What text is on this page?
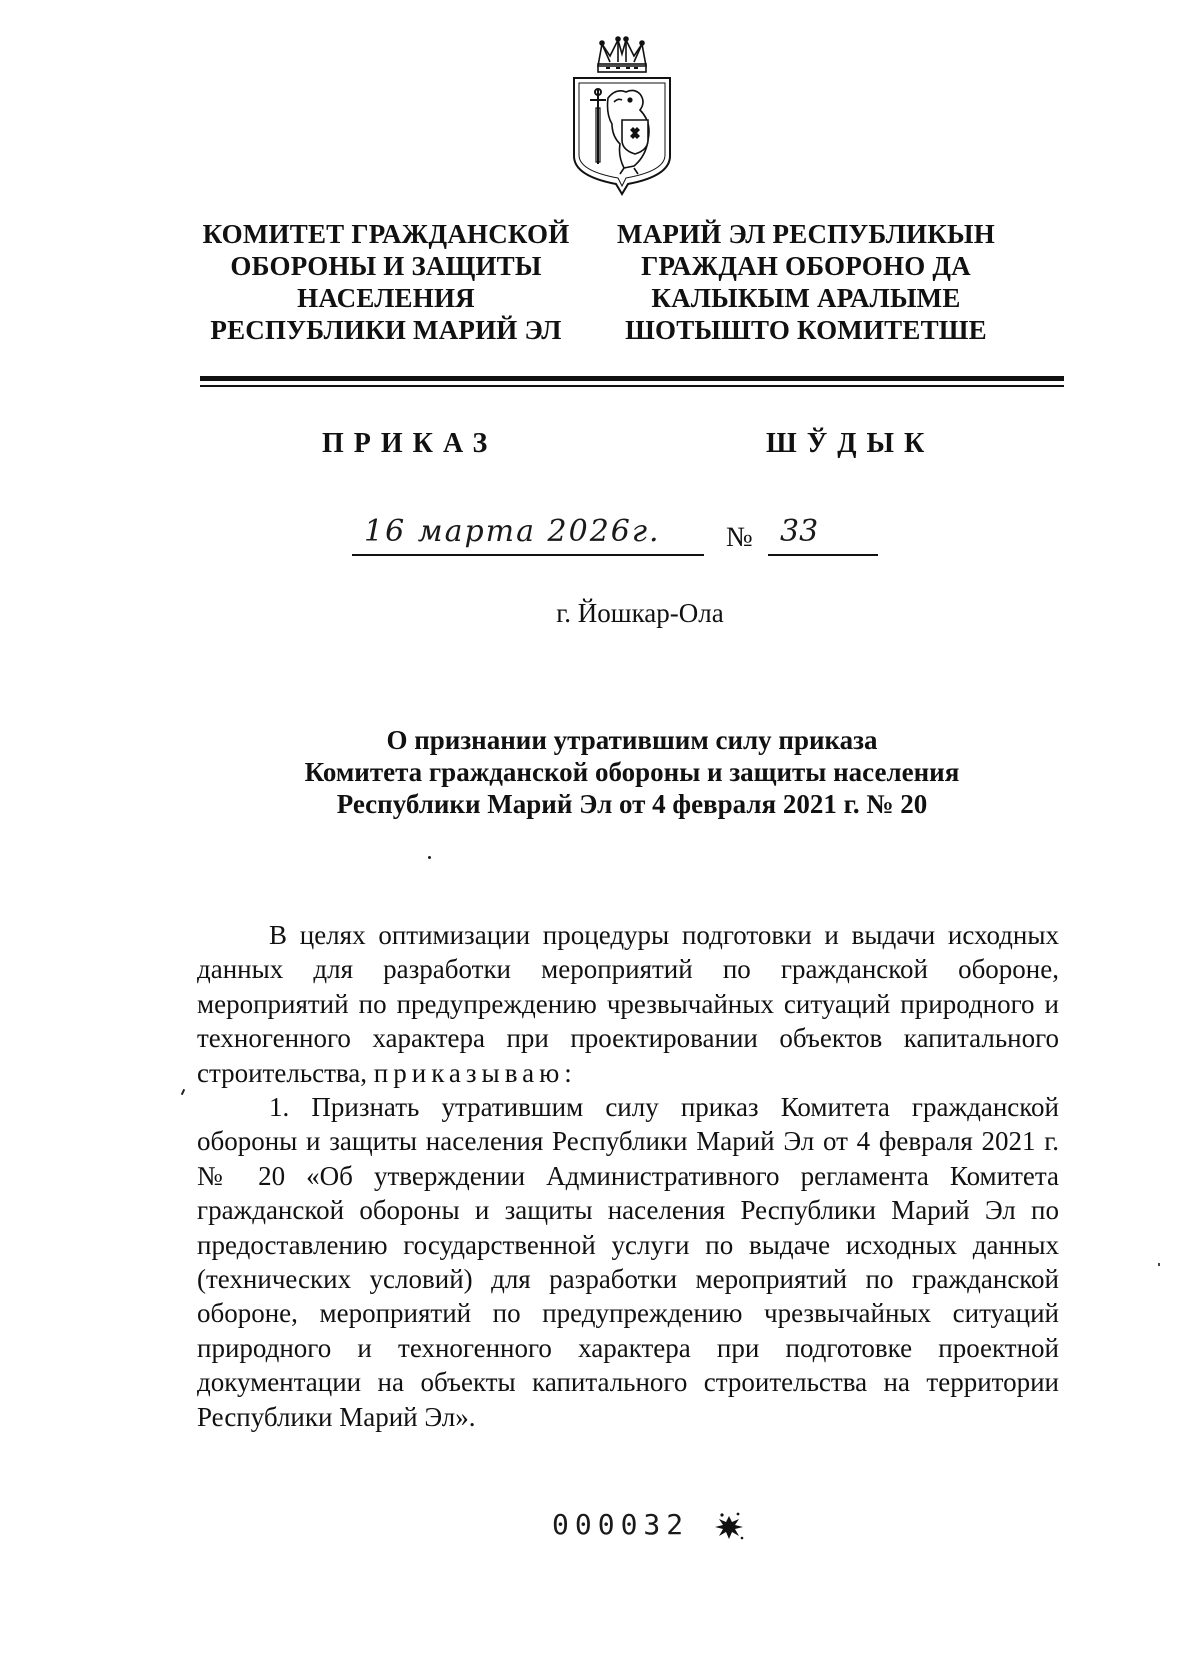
КОМИТЕТ ГРАЖДАНСКОЙ
ОБОРОНЫ И ЗАЩИТЫ
НАСЕЛЕНИЯ
РЕСПУБЛИКИ МАРИЙ ЭЛ
МАРИЙ ЭЛ РЕСПУБЛИКЫН
ГРАЖДАН ОБОРОНО ДА
КАЛЫКЫМ АРАЛЫМЕ
ШОТЫШТО КОМИТЕТШЕ
ПРИКАЗ	ШЎДЫК
16 марта 2026г. № 33
г. Йошкар-Ола
О признании утратившим силу приказа
Комитета гражданской обороны и защиты населения
Республики Марий Эл от 4 февраля 2021 г. № 20

В целях оптимизации процедуры подготовки и выдачи исходных данных для разработки мероприятий по гражданской обороне, мероприятий по предупреждению чрезвычайных ситуаций природного и техногенного характера при проектировании объектов капитального строительства, приказываю:

1. Признать утратившим силу приказ Комитета гражданской обороны и защиты населения Республики Марий Эл от 4 февраля 2021 г. № 20 «Об утверждении Административного регламента Комитета гражданской обороны и защиты населения Республики Марий Эл по предоставлению государственной услуги по выдаче исходных данных (технических условий) для разработки мероприятий по гражданской обороне, мероприятий по предупреждению чрезвычайных ситуаций природного и техногенного характера при подготовке проектной документации на объекты капитального строительства на территории Республики Марий Эл».

000032
